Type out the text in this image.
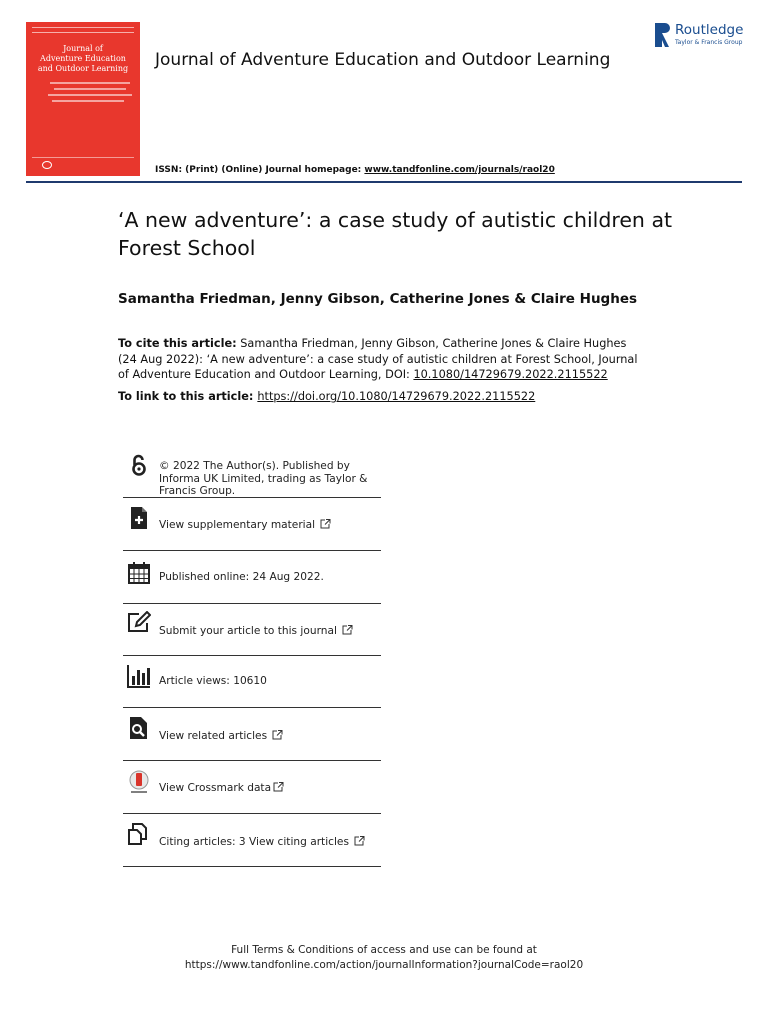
Journal of
Adventure Education
and Outdoor Learning	Journal of Adventure Education and Outdoor Learning
Routledge
Taylor & Francis Group
ISSN: (Print) (Online) Journal homepage: www.tandfonline.com/journals/raol20
‘A new adventure’: a case study of autistic children at Forest School
Samantha Friedman, Jenny Gibson, Catherine Jones & Claire Hughes
To cite this article: Samantha Friedman, Jenny Gibson, Catherine Jones & Claire Hughes (24 Aug 2022): ‘A new adventure’: a case study of autistic children at Forest School, Journal of Adventure Education and Outdoor Learning, DOI: 10.1080/14729679.2022.2115522
To link to this article: https://doi.org/10.1080/14729679.2022.2115522
© 2022 The Author(s). Published by Informa UK Limited, trading as Taylor & Francis Group.
View supplementary material
Published online: 24 Aug 2022.
Submit your article to this journal
Article views: 10610
View related articles
View Crossmark data
Citing articles: 3 View citing articles
Full Terms & Conditions of access and use can be found at
https://www.tandfonline.com/action/journalInformation?journalCode=raol20
